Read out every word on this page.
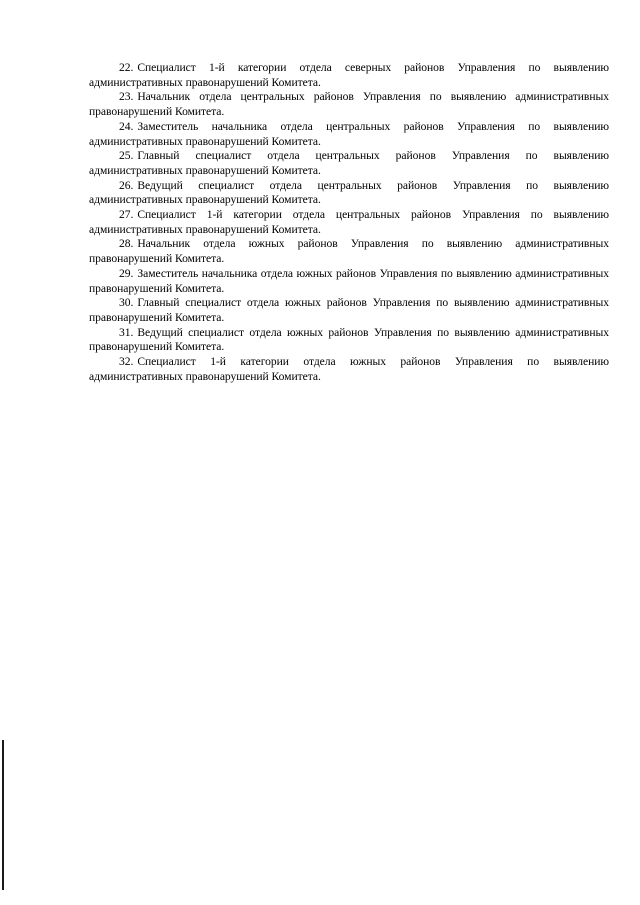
22. Специалист 1-й категории отдела северных районов Управления по выявлению административных правонарушений Комитета.

23. Начальник отдела центральных районов Управления по выявлению административных правонарушений Комитета.

24. Заместитель начальника отдела центральных районов Управления по выявлению административных правонарушений Комитета.

25. Главный специалист отдела центральных районов Управления по выявлению административных правонарушений Комитета.

26. Ведущий специалист отдела центральных районов Управления по выявлению административных правонарушений Комитета.

27. Специалист 1-й категории отдела центральных районов Управления по выявлению административных правонарушений Комитета.

28. Начальник отдела южных районов Управления по выявлению административных правонарушений Комитета.

29. Заместитель начальника отдела южных районов Управления по выявлению административных правонарушений Комитета.

30. Главный специалист отдела южных районов Управления по выявлению административных правонарушений Комитета.

31. Ведущий специалист отдела южных районов Управления по выявлению административных правонарушений Комитета.

32. Специалист 1-й категории отдела южных районов Управления по выявлению административных правонарушений Комитета.
